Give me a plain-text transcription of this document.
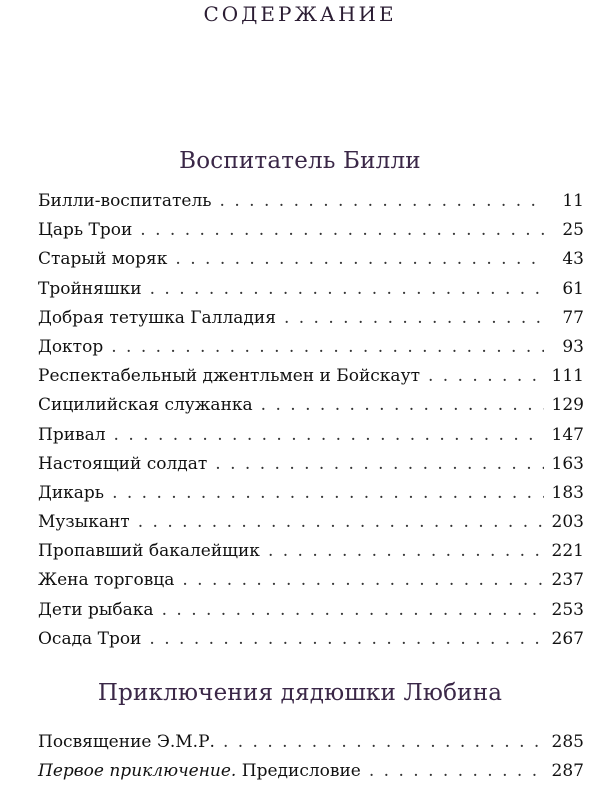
СОДЕРЖАНИЕ
Воспитатель Билли
Билли-воспитатель . . .	11
Царь Трои . . .	25
Старый моряк . . .	43
Тройняшки . . .	61
Добрая тетушка Галладия . . .	77
Доктор . . .	93
Респектабельный джентльмен и Бойскаут . . .	111
Сицилийская служанка . . .	129
Привал . . .	147
Настоящий солдат . . .	163
Дикарь . . .	183
Музыкант . . .	203
Пропавший бакалейщик . . .	221
Жена торговца . . .	237
Дети рыбака . . .	253
Осада Трои . . .	267
Приключения дядюшки Любина
Посвящение Э.М.Р. . . .	285
Первое приключение. Предисловие . . .	287
